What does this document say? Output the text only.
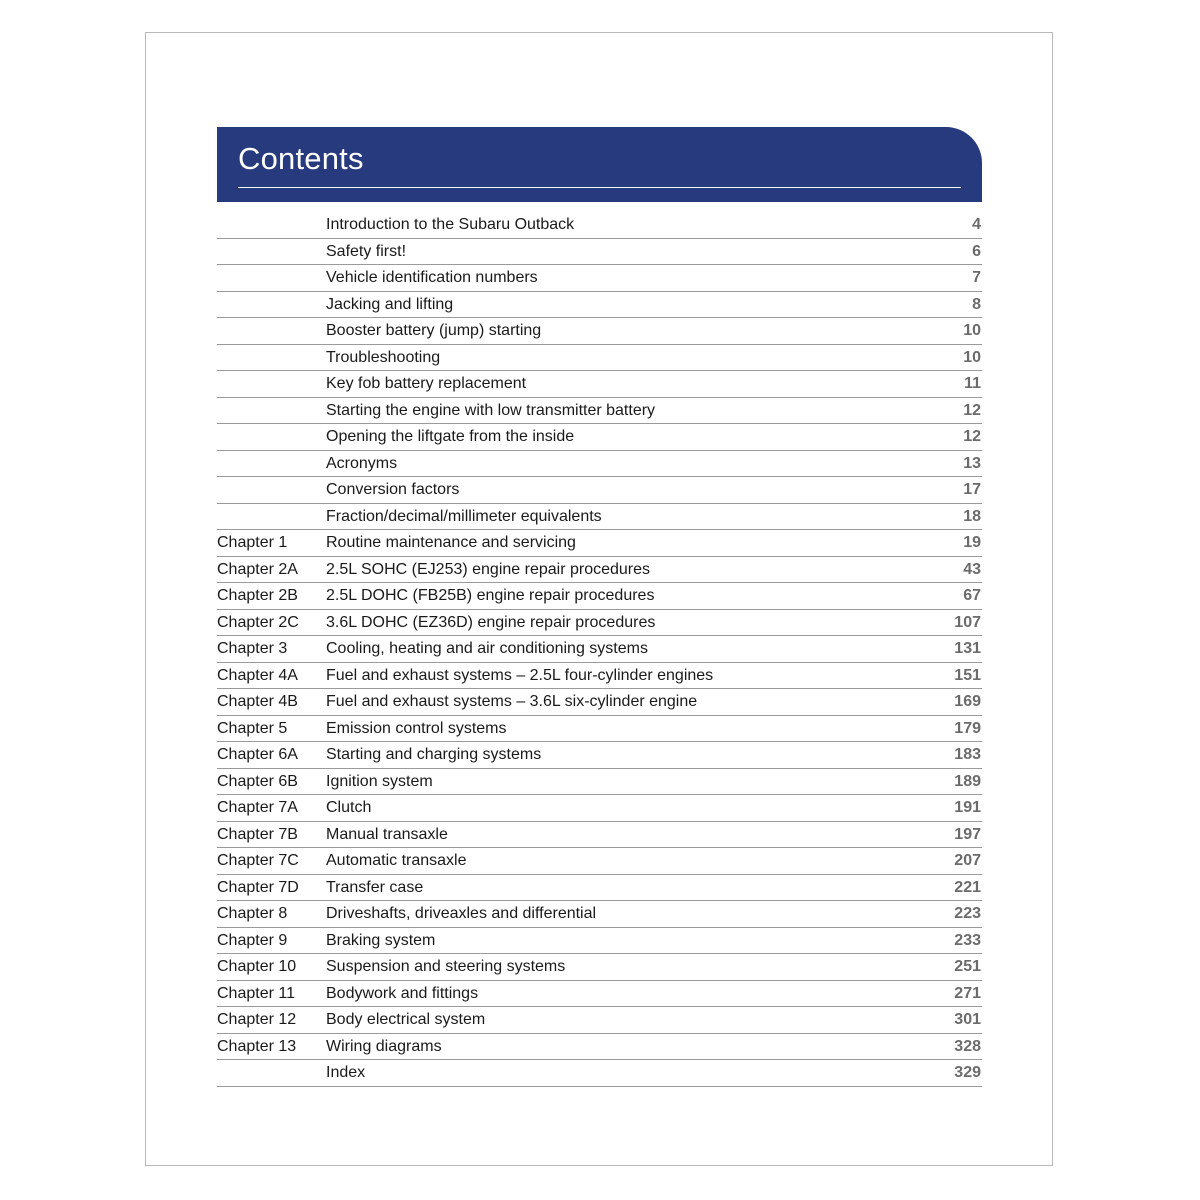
Contents
Introduction to the Subaru Outback	4
Safety first!	6
Vehicle identification numbers	7
Jacking and lifting	8
Booster battery (jump) starting	10
Troubleshooting	10
Key fob battery replacement	11
Starting the engine with low transmitter battery	12
Opening the liftgate from the inside	12
Acronyms	13
Conversion factors	17
Fraction/decimal/millimeter equivalents	18
Chapter 1 Routine maintenance and servicing	19
Chapter 2A 2.5L SOHC (EJ253) engine repair procedures	43
Chapter 2B 2.5L DOHC (FB25B) engine repair procedures	67
Chapter 2C 3.6L DOHC (EZ36D) engine repair procedures	107
Chapter 3 Cooling, heating and air conditioning systems	131
Chapter 4A Fuel and exhaust systems – 2.5L four-cylinder engines	151
Chapter 4B Fuel and exhaust systems – 3.6L six-cylinder engine	169
Chapter 5 Emission control systems	179
Chapter 6A Starting and charging systems	183
Chapter 6B Ignition system	189
Chapter 7A Clutch	191
Chapter 7B Manual transaxle	197
Chapter 7C Automatic transaxle	207
Chapter 7D Transfer case	221
Chapter 8 Driveshafts, driveaxles and differential	223
Chapter 9 Braking system	233
Chapter 10 Suspension and steering systems	251
Chapter 11 Bodywork and fittings	271
Chapter 12 Body electrical system	301
Chapter 13 Wiring diagrams	328
Index	329
